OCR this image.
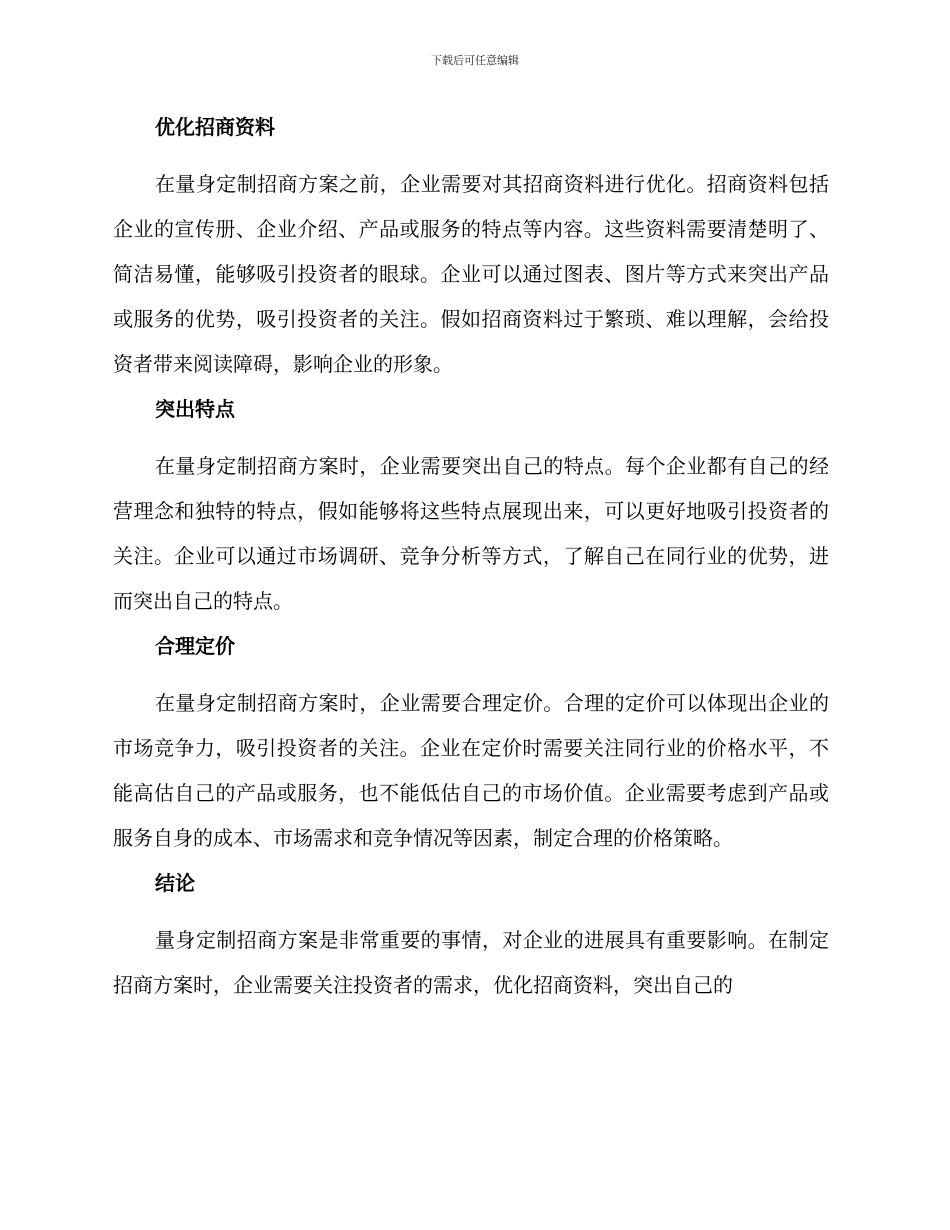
下载后可任意编辑
优化招商资料

在量身定制招商方案之前，企业需要对其招商资料进行优化。招商资料包括企业的宣传册、企业介绍、产品或服务的特点等内容。这些资料需要清楚明了、简洁易懂，能够吸引投资者的眼球。企业可以通过图表、图片等方式来突出产品或服务的优势，吸引投资者的关注。假如招商资料过于繁琐、难以理解，会给投资者带来阅读障碍，影响企业的形象。

突出特点

在量身定制招商方案时，企业需要突出自己的特点。每个企业都有自己的经营理念和独特的特点，假如能够将这些特点展现出来，可以更好地吸引投资者的关注。企业可以通过市场调研、竞争分析等方式，了解自己在同行业的优势，进而突出自己的特点。

合理定价

在量身定制招商方案时，企业需要合理定价。合理的定价可以体现出企业的市场竞争力，吸引投资者的关注。企业在定价时需要关注同行业的价格水平，不能高估自己的产品或服务，也不能低估自己的市场价值。企业需要考虑到产品或服务自身的成本、市场需求和竞争情况等因素，制定合理的价格策略。

结论

量身定制招商方案是非常重要的事情，对企业的进展具有重要影响。在制定招商方案时，企业需要关注投资者的需求，优化招商资料，突出自己的
